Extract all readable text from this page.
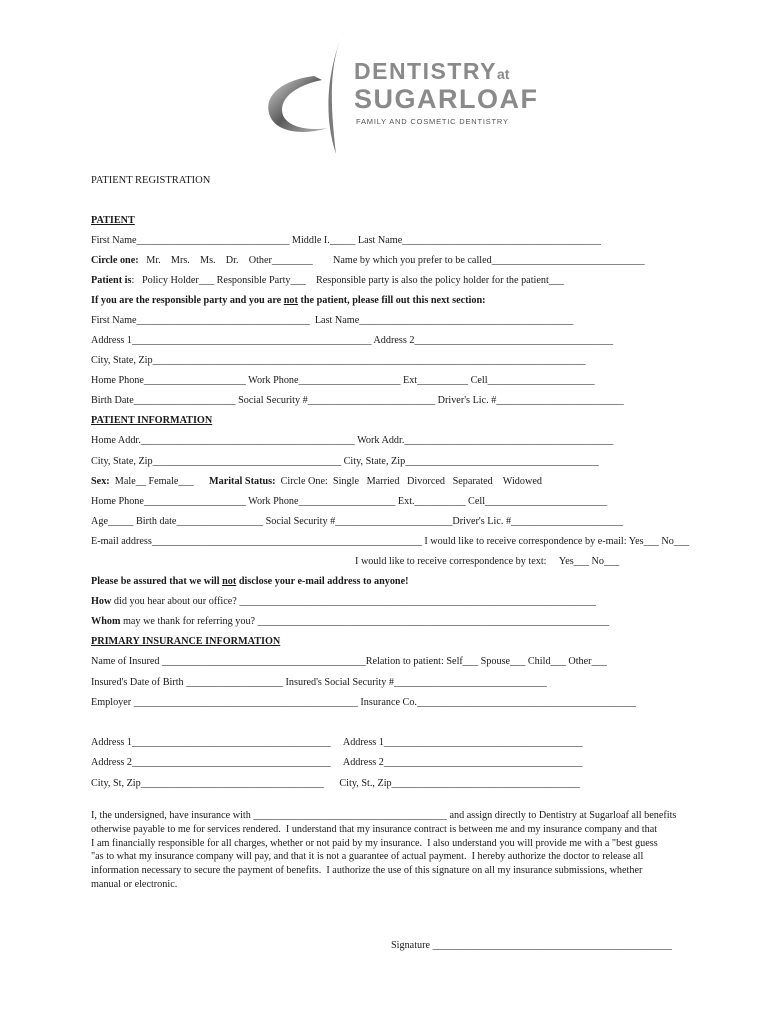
DENTISTRYat
SUGARLOAF
FAMILY AND COSMETIC DENTISTRY
PATIENT REGISTRATION
PATIENT
First Name______________________________ Middle I._____ Last Name_______________________________________
Circle one:   Mr.    Mrs.    Ms.    Dr.    Other________        Name by which you prefer to be called______________________________
Patient is:   Policy Holder___ Responsible Party___    Responsible party is also the policy holder for the patient___
If you are the responsible party and you are not the patient, please fill out this next section:
First Name__________________________________  Last Name__________________________________________
Address 1_______________________________________________ Address 2_______________________________________
City, State, Zip_____________________________________________________________________________________
Home Phone____________________ Work Phone____________________ Ext__________ Cell_____________________
Birth Date____________________ Social Security #_________________________ Driver's Lic. #_________________________
PATIENT INFORMATION
Home Addr.__________________________________________ Work Addr._________________________________________
City, State, Zip_____________________________________ City, State, Zip______________________________________
Sex:  Male__ Female___      Marital Status:  Circle One:  Single   Married   Divorced   Separated    Widowed
Home Phone____________________ Work Phone___________________ Ext.__________ Cell________________________
Age_____ Birth date_________________ Social Security #_______________________Driver's Lic. #______________________
E-mail address_____________________________________________________ I would like to receive correspondence by e-mail: Yes___ No___
I would like to receive correspondence by text:     Yes___ No___
Please be assured that we will not disclose your e-mail address to anyone!
How did you hear about our office? ______________________________________________________________________
Whom may we thank for referring you? _____________________________________________________________________
PRIMARY INSURANCE INFORMATION
Name of Insured ________________________________________Relation to patient: Self___ Spouse___ Child___ Other___
Insured's Date of Birth ___________________ Insured's Social Security #______________________________
Employer ____________________________________________ Insurance Co.___________________________________________
Address 1_______________________________________     Address 1_______________________________________
Address 2_______________________________________     Address 2_______________________________________
City, St, Zip____________________________________      City, St., Zip_____________________________________
I, the undersigned, have insurance with ______________________________________ and assign directly to Dentistry at Sugarloaf all benefits
otherwise payable to me for services rendered.  I understand that my insurance contract is between me and my insurance company and that
I am financially responsible for all charges, whether or not paid by my insurance.  I also understand you will provide me with a "best guess
"as to what my insurance company will pay, and that it is not a guarantee of actual payment.  I hereby authorize the doctor to release all
information necessary to secure the payment of benefits.  I authorize the use of this signature on all my insurance submissions, whether
manual or electronic.
Signature _______________________________________________
